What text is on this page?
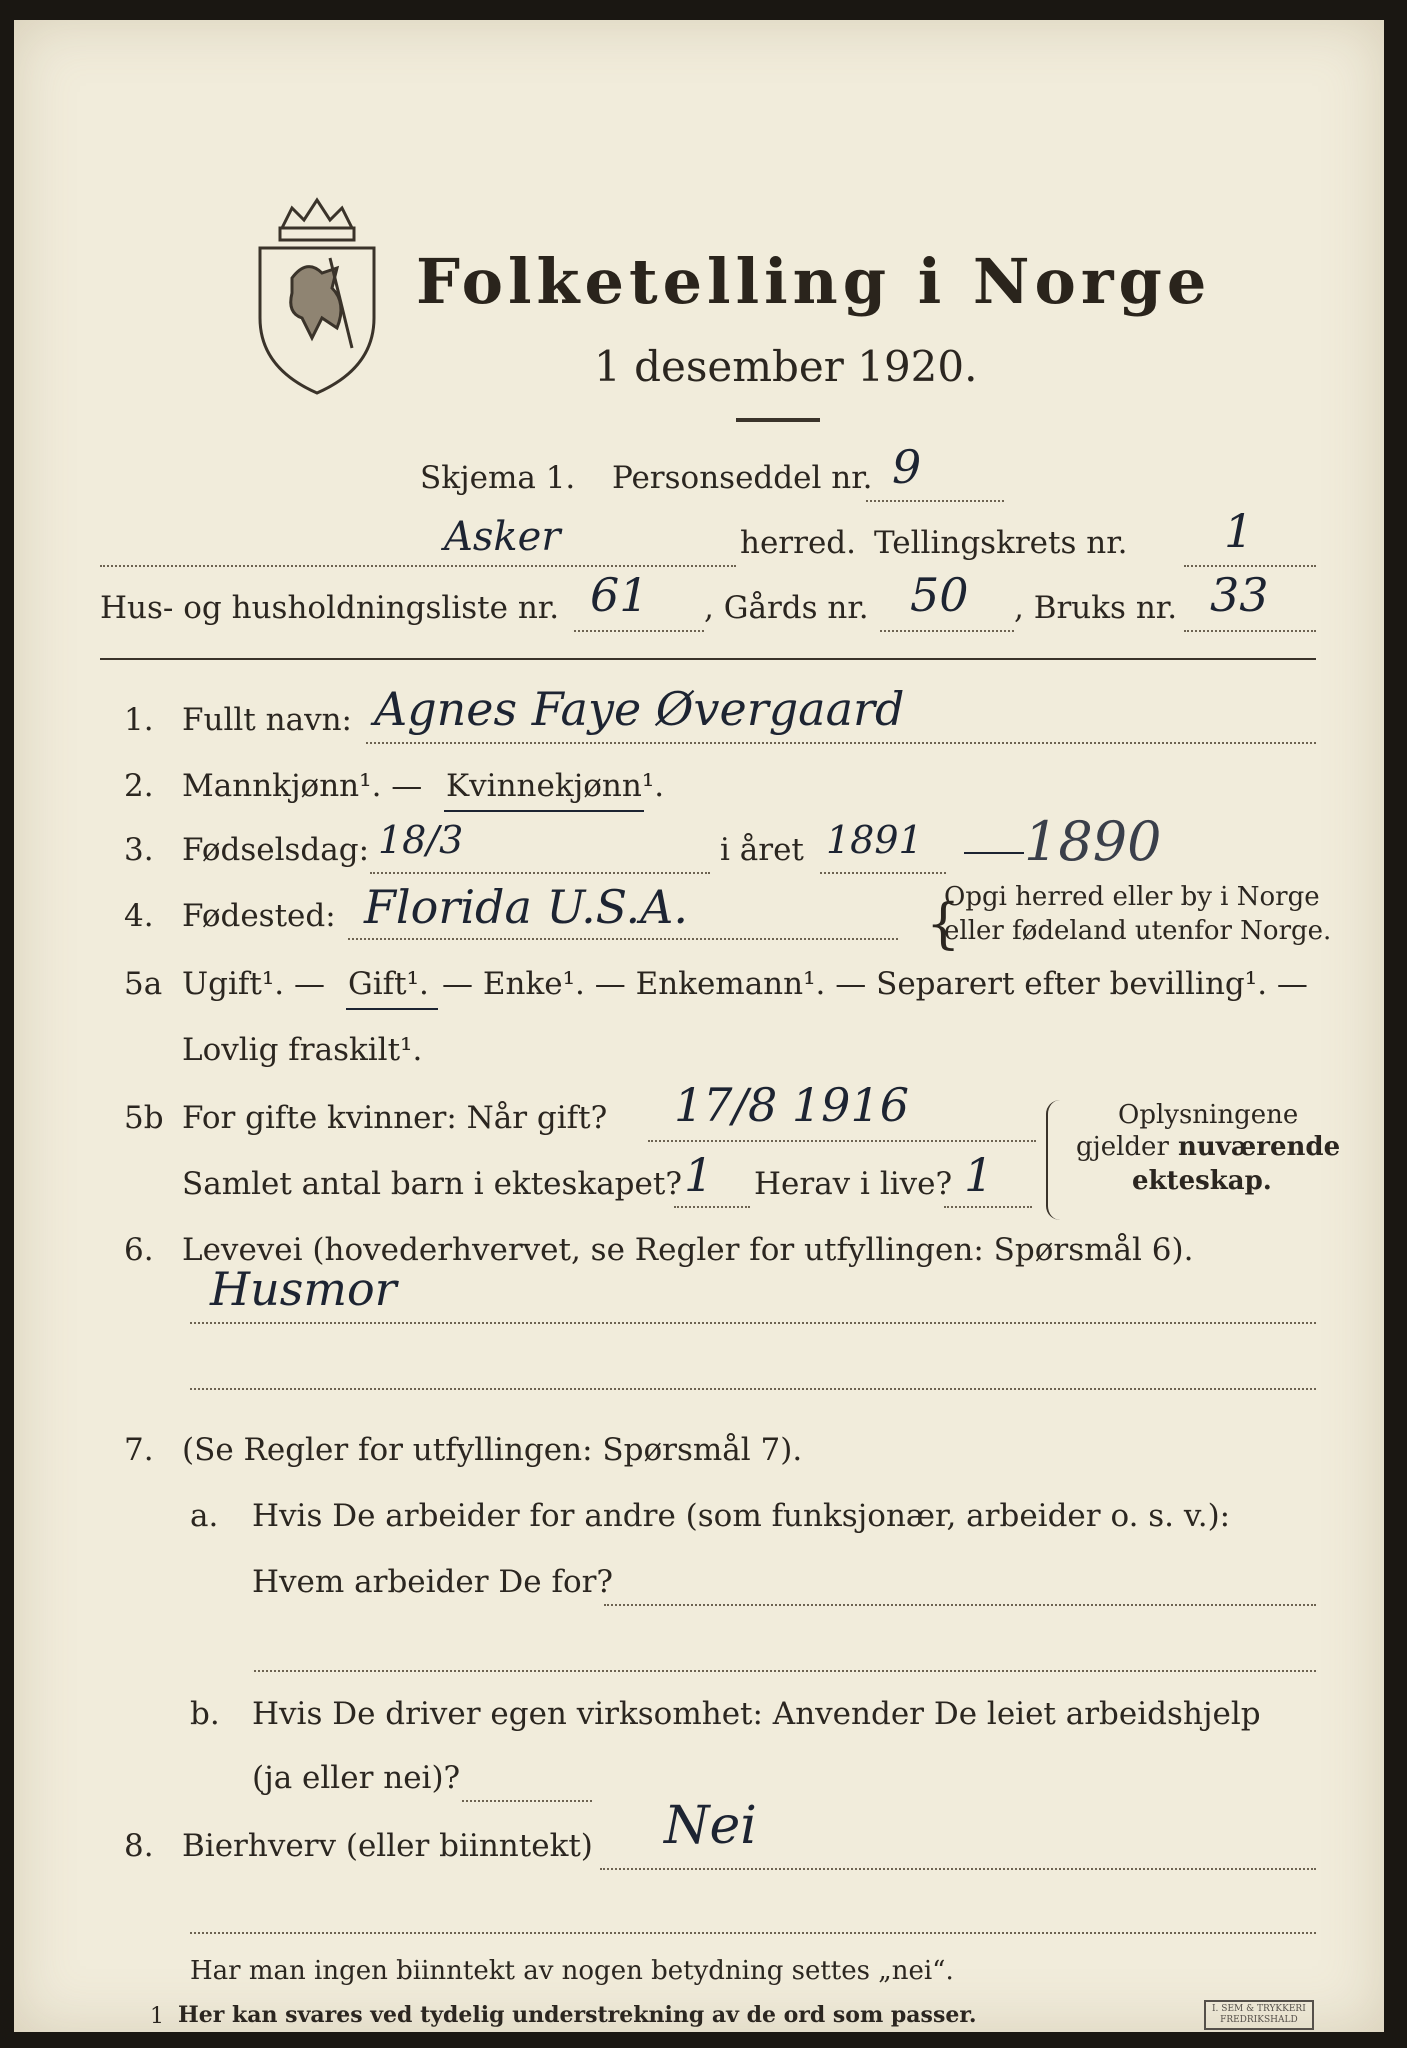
Folketelling i Norge
1 desember 1920.
Skjema 1. Personseddel nr. 9
Asker	herred. Tellingskrets nr. 1
Hus- og husholdningsliste nr. 61 , Gårds nr. 50 , Bruks nr. 33
1. Fullt navn: Agnes Faye Øvergaard
2. Mannkjønn¹. — Kvinnekjønn¹.
3. Fødselsdag: 18/3	i året 1891 1890
4. Fødested: Florida U.S.A.	{
Opgi herred eller by i Norge
eller fødeland utenfor Norge.
5a Ugift¹. — Gift¹. — Enke¹. — Enkemann¹. — Separert efter bevilling¹. —
Lovlig fraskilt¹.
5b For gifte kvinner: Når gift? 17/8 1916
Samlet antal barn i ekteskapet? 1 Herav i live? 1
Oplysningene
gjelder nuværende
ekteskap.
6. Levevei (hovederhvervet, se Regler for utfyllingen: Spørsmål 6).
Husmor
7. (Se Regler for utfyllingen: Spørsmål 7).
a. Hvis De arbeider for andre (som funksjonær, arbeider o. s. v.):
Hvem arbeider De for?
b. Hvis De driver egen virksomhet: Anvender De leiet arbeidshjelp
(ja eller nei)?
8. Bierhverv (eller biinntekt) Nei
Har man ingen biinntekt av nogen betydning settes „nei“.
1 Her kan svares ved tydelig understrekning av de ord som passer.	I. SEM & TRYKKERI
FREDRIKSHALD
